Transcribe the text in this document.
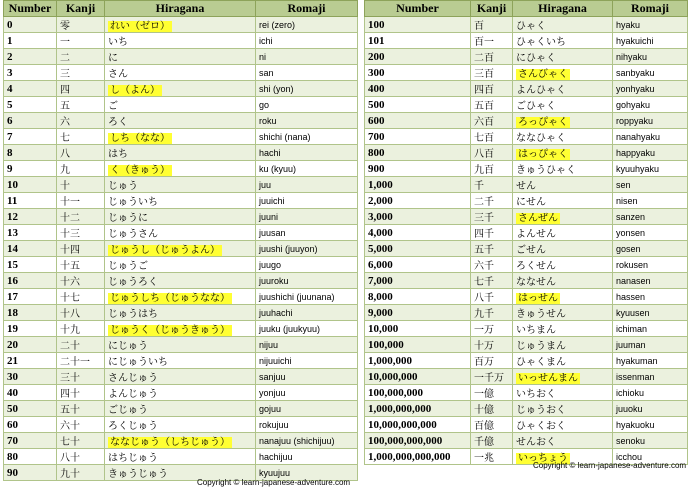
Number	Kanji	Hiragana	Romaji
0	零	れい（ゼロ）	rei (zero)
1	一	いち	ichi
2	二	に	ni
3	三	さん	san
4	四	し（よん）	shi (yon)
5	五	ご	go
6	六	ろく	roku
7	七	しち（なな）	shichi (nana)
8	八	はち	hachi
9	九	く（きゅう）	ku (kyuu)
10	十	じゅう	juu
11	十一	じゅういち	juuichi
12	十二	じゅうに	juuni
13	十三	じゅうさん	juusan
14	十四	じゅうし（じゅうよん）	juushi (juuyon)
15	十五	じゅうご	juugo
16	十六	じゅうろく	juuroku
17	十七	じゅうしち（じゅうなな）	juushichi (juunana)
18	十八	じゅうはち	juuhachi
19	十九	じゅうく（じゅうきゅう）	juuku (juukyuu)
20	二十	にじゅう	nijuu
21	二十一	にじゅういち	nijuuichi
30	三十	さんじゅう	sanjuu
40	四十	よんじゅう	yonjuu
50	五十	ごじゅう	gojuu
60	六十	ろくじゅう	rokujuu
70	七十	ななじゅう（しちじゅう）	nanajuu (shichijuu)
80	八十	はちじゅう	hachijuu
90	九十	きゅうじゅう	kyuujuu
Number	Kanji	Hiragana	Romaji
100	百	ひゃく	hyaku
101	百一	ひゃくいち	hyakuichi
200	二百	にひゃく	nihyaku
300	三百	さんびゃく	sanbyaku
400	四百	よんひゃく	yonhyaku
500	五百	ごひゃく	gohyaku
600	六百	ろっぴゃく	roppyaku
700	七百	ななひゃく	nanahyaku
800	八百	はっぴゃく	happyaku
900	九百	きゅうひゃく	kyuuhyaku
1,000	千	せん	sen
2,000	二千	にせん	nisen
3,000	三千	さんぜん	sanzen
4,000	四千	よんせん	yonsen
5,000	五千	ごせん	gosen
6,000	六千	ろくせん	rokusen
7,000	七千	ななせん	nanasen
8,000	八千	はっせん	hassen
9,000	九千	きゅうせん	kyuusen
10,000	一万	いちまん	ichiman
100,000	十万	じゅうまん	juuman
1,000,000	百万	ひゃくまん	hyakuman
10,000,000	一千万	いっせんまん	issenman
100,000,000	一億	いちおく	ichioku
1,000,000,000	十億	じゅうおく	juuoku
10,000,000,000	百億	ひゃくおく	hyakuoku
100,000,000,000	千億	せんおく	senoku
1,000,000,000,000	一兆	いっちょう	icchou
Copyright © learn-japanese-adventure.com
Copyright © learn-japanese-adventure.com
